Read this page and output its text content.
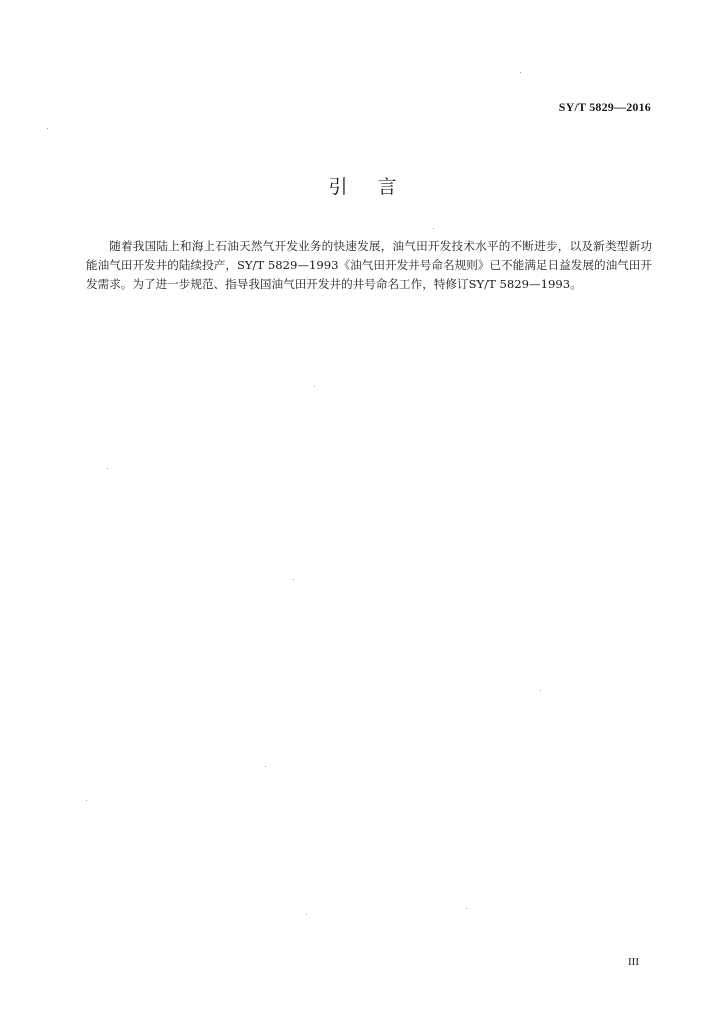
SY/T 5829—2016
引言
随着我国陆上和海上石油天然气开发业务的快速发展，油气田开发技术水平的不断进步，以及新类型新功能油气田开发井的陆续投产，SY/T 5829—1993《油气田开发井号命名规则》已不能满足日益发展的油气田开发需求。为了进一步规范、指导我国油气田开发井的井号命名工作，特修订SY/T 5829—1993。
III
